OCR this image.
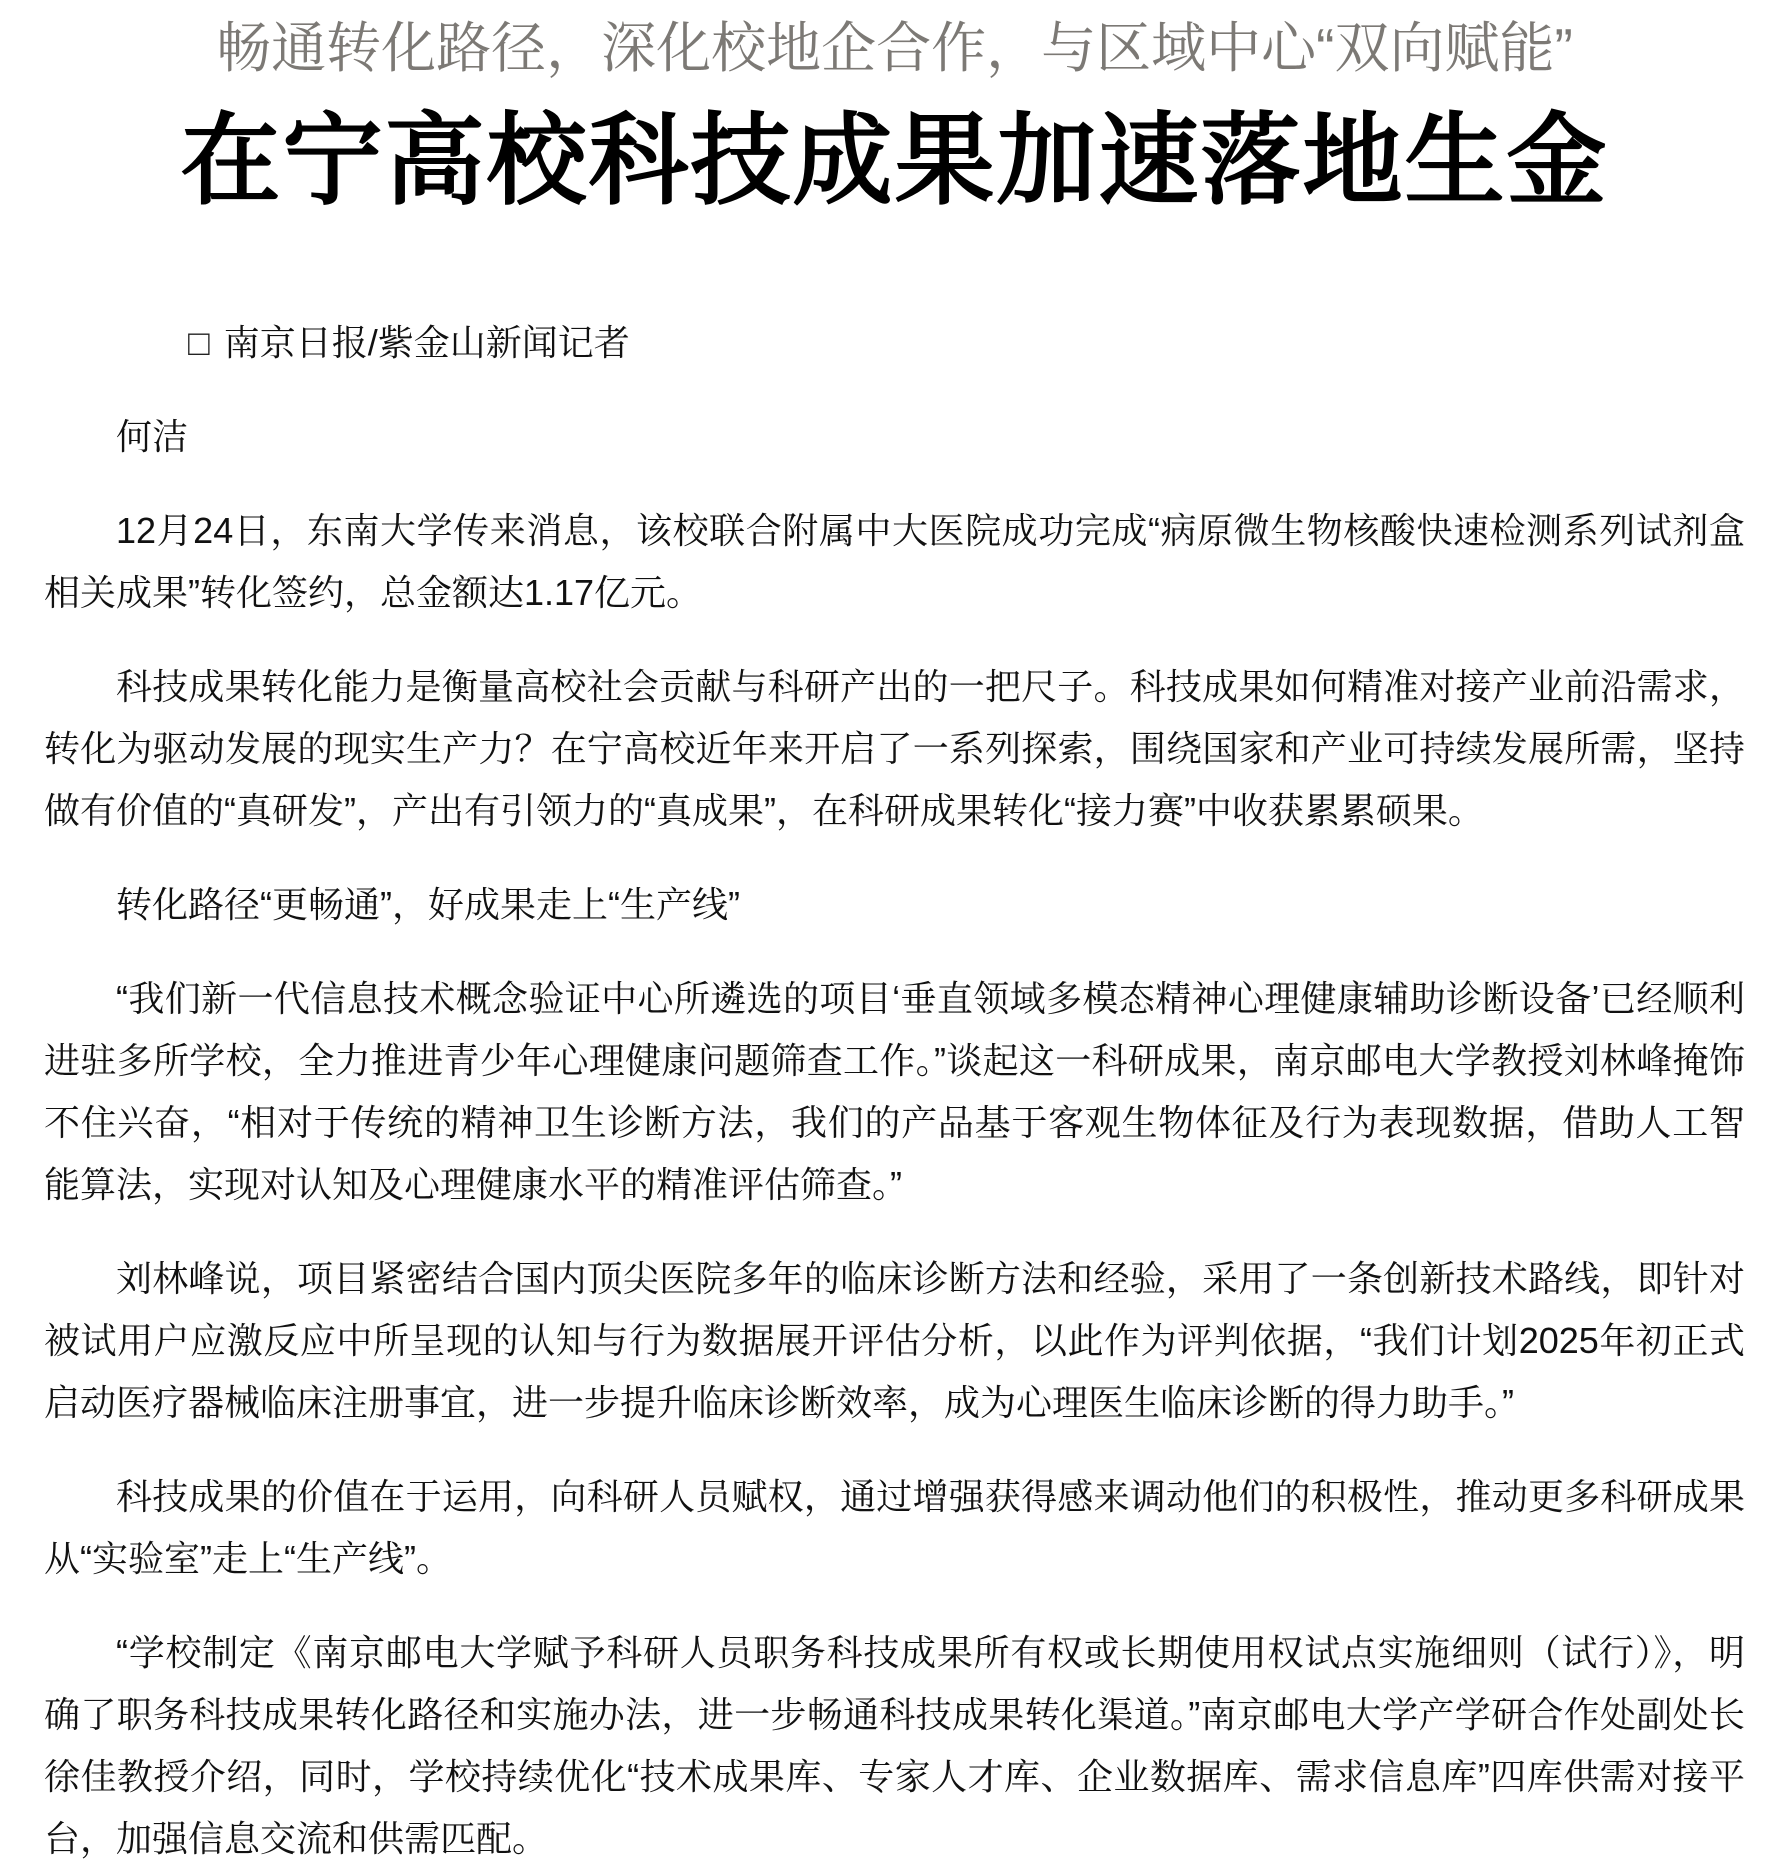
畅通转化路径，深化校地企合作，与区域中心“双向赋能”
在宁高校科技成果加速落地生金
□ 南京日报/紫金山新闻记者

何洁

12月24日，东南大学传来消息，该校联合附属中大医院成功完成“病原微生物核酸快速检测系列试剂盒相关成果”转化签约，总金额达1.17亿元。

科技成果转化能力是衡量高校社会贡献与科研产出的一把尺子。科技成果如何精准对接产业前沿需求，转化为驱动发展的现实生产力？在宁高校近年来开启了一系列探索，围绕国家和产业可持续发展所需，坚持做有价值的“真研发”，产出有引领力的“真成果”，在科研成果转化“接力赛”中收获累累硕果。

转化路径“更畅通”，好成果走上“生产线”

“我们新一代信息技术概念验证中心所遴选的项目‘垂直领域多模态精神心理健康辅助诊断设备’已经顺利进驻多所学校，全力推进青少年心理健康问题筛查工作。”谈起这一科研成果，南京邮电大学教授刘林峰掩饰不住兴奋，“相对于传统的精神卫生诊断方法，我们的产品基于客观生物体征及行为表现数据，借助人工智能算法，实现对认知及心理健康水平的精准评估筛查。”

刘林峰说，项目紧密结合国内顶尖医院多年的临床诊断方法和经验，采用了一条创新技术路线，即针对被试用户应激反应中所呈现的认知与行为数据展开评估分析，以此作为评判依据，“我们计划2025年初正式启动医疗器械临床注册事宜，进一步提升临床诊断效率，成为心理医生临床诊断的得力助手。”

科技成果的价值在于运用，向科研人员赋权，通过增强获得感来调动他们的积极性，推动更多科研成果从“实验室”走上“生产线”。

“学校制定《南京邮电大学赋予科研人员职务科技成果所有权或长期使用权试点实施细则（试行）》，明确了职务科技成果转化路径和实施办法，进一步畅通科技成果转化渠道。”南京邮电大学产学研合作处副处长徐佳教授介绍，同时，学校持续优化“技术成果库、专家人才库、企业数据库、需求信息库”四库供需对接平台，加强信息交流和供需匹配。
